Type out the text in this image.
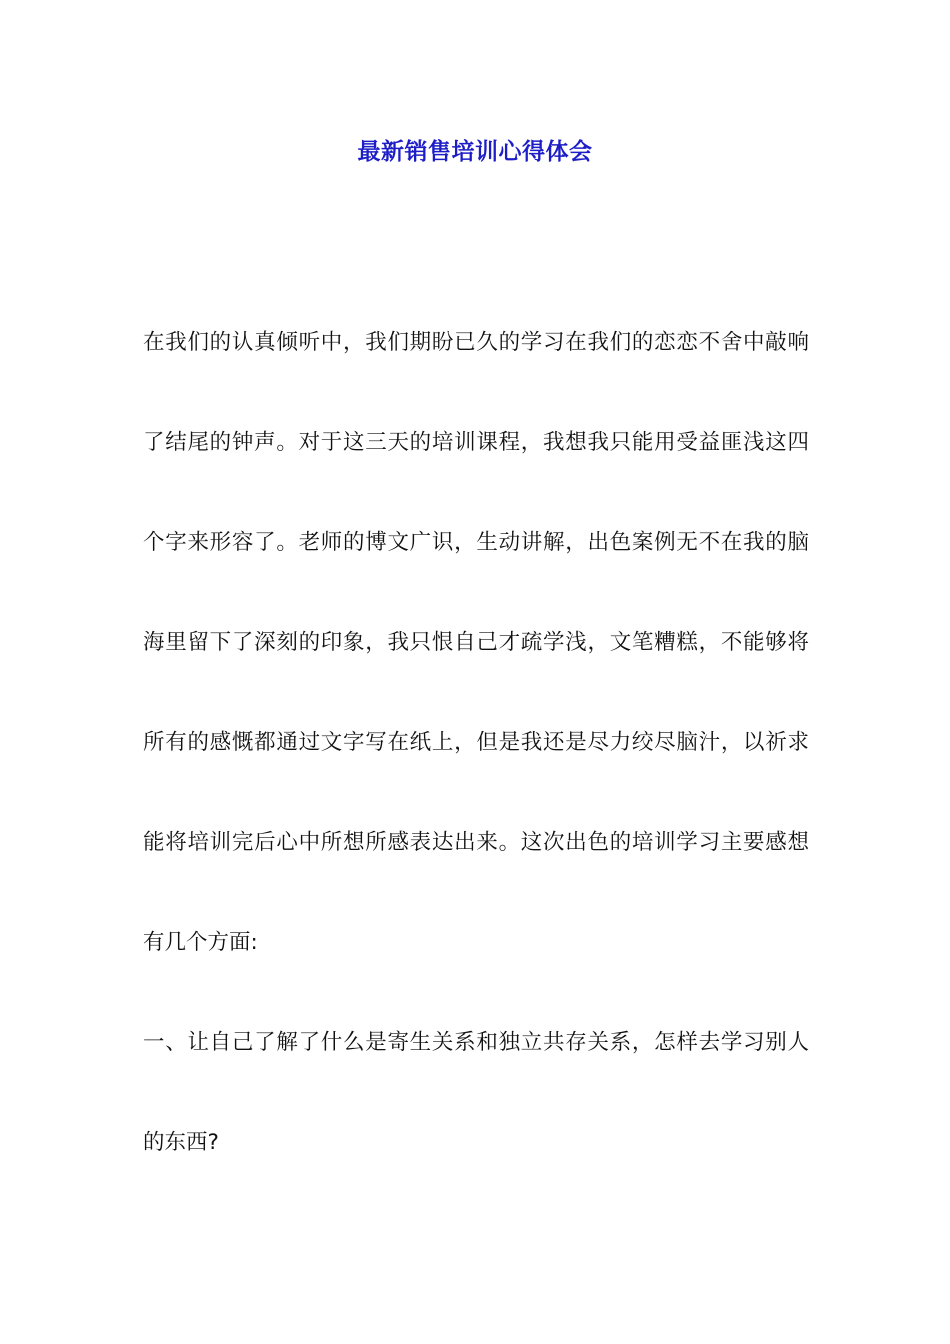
最新销售培训心得体会

在我们的认真倾听中，我们期盼已久的学习在我们的恋恋不舍中敲响了结尾的钟声。对于这三天的培训课程，我想我只能用受益匪浅这四个字来形容了。老师的博文广识，生动讲解，出色案例无不在我的脑海里留下了深刻的印象，我只恨自己才疏学浅，文笔糟糕，不能够将所有的感慨都通过文字写在纸上，但是我还是尽力绞尽脑汁，以祈求能将培训完后心中所想所感表达出来。这次出色的培训学习主要感想有几个方面:

一、让自己了解了什么是寄生关系和独立共存关系，怎样去学习别人的东西?
